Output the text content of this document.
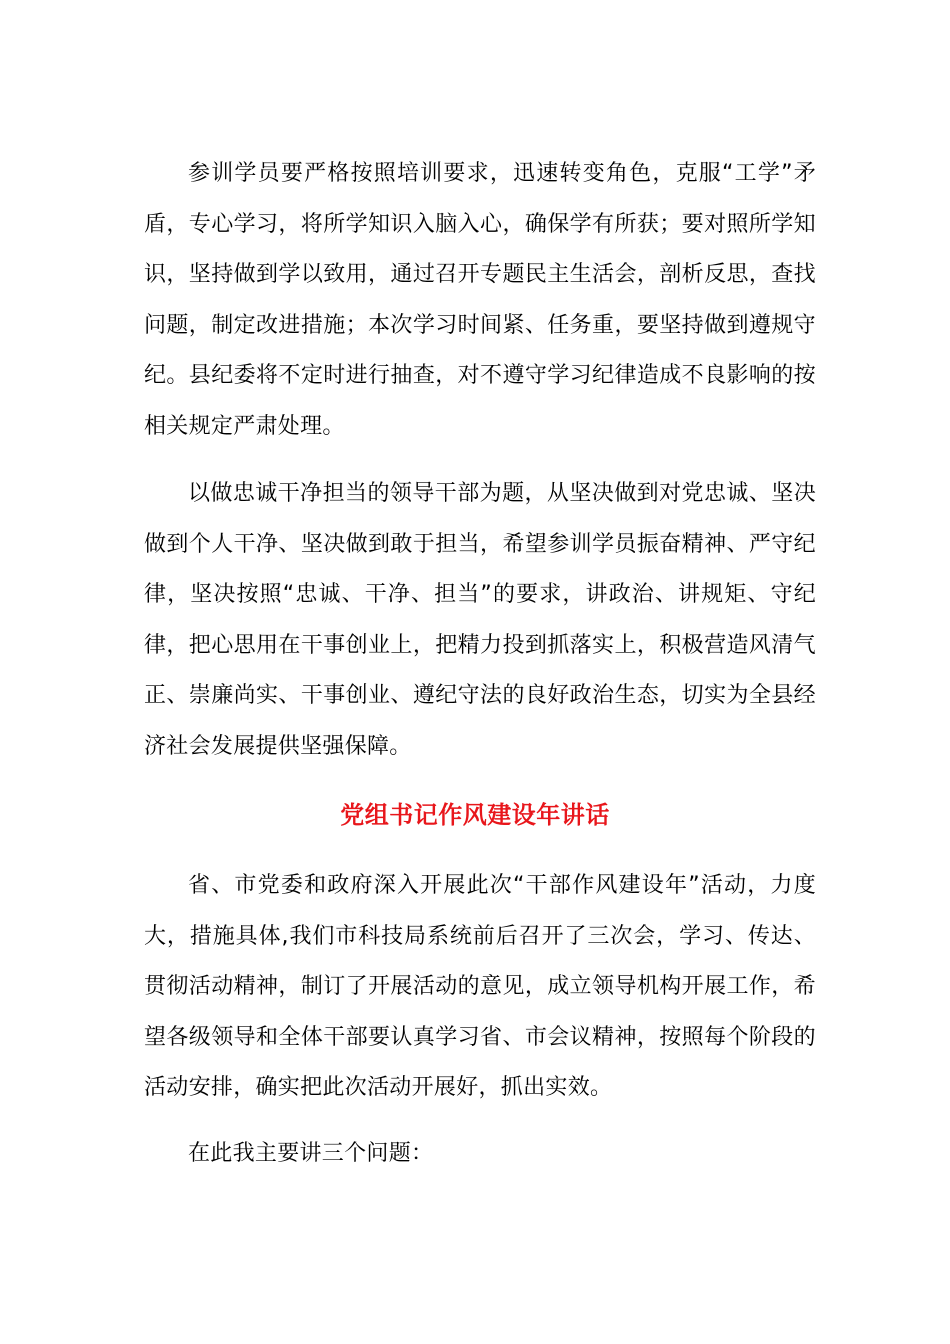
参训学员要严格按照培训要求，迅速转变角色，克服“工学”矛盾，专心学习，将所学知识入脑入心，确保学有所获；要对照所学知识，坚持做到学以致用，通过召开专题民主生活会，剖析反思，查找问题，制定改进措施；本次学习时间紧、任务重，要坚持做到遵规守纪。县纪委将不定时进行抽查，对不遵守学习纪律造成不良影响的按相关规定严肃处理。

以做忠诚干净担当的领导干部为题，从坚决做到对党忠诚、坚决做到个人干净、坚决做到敢于担当，希望参训学员振奋精神、严守纪律，坚决按照“忠诚、干净、担当”的要求，讲政治、讲规矩、守纪律，把心思用在干事创业上，把精力投到抓落实上，积极营造风清气正、崇廉尚实、干事创业、遵纪守法的良好政治生态，切实为全县经济社会发展提供坚强保障。

党组书记作风建设年讲话

省、市党委和政府深入开展此次“干部作风建设年”活动，力度大，措施具体,我们市科技局系统前后召开了三次会，学习、传达、贯彻活动精神，制订了开展活动的意见，成立领导机构开展工作，希望各级领导和全体干部要认真学习省、市会议精神，按照每个阶段的活动安排，确实把此次活动开展好，抓出实效。

在此我主要讲三个问题：
